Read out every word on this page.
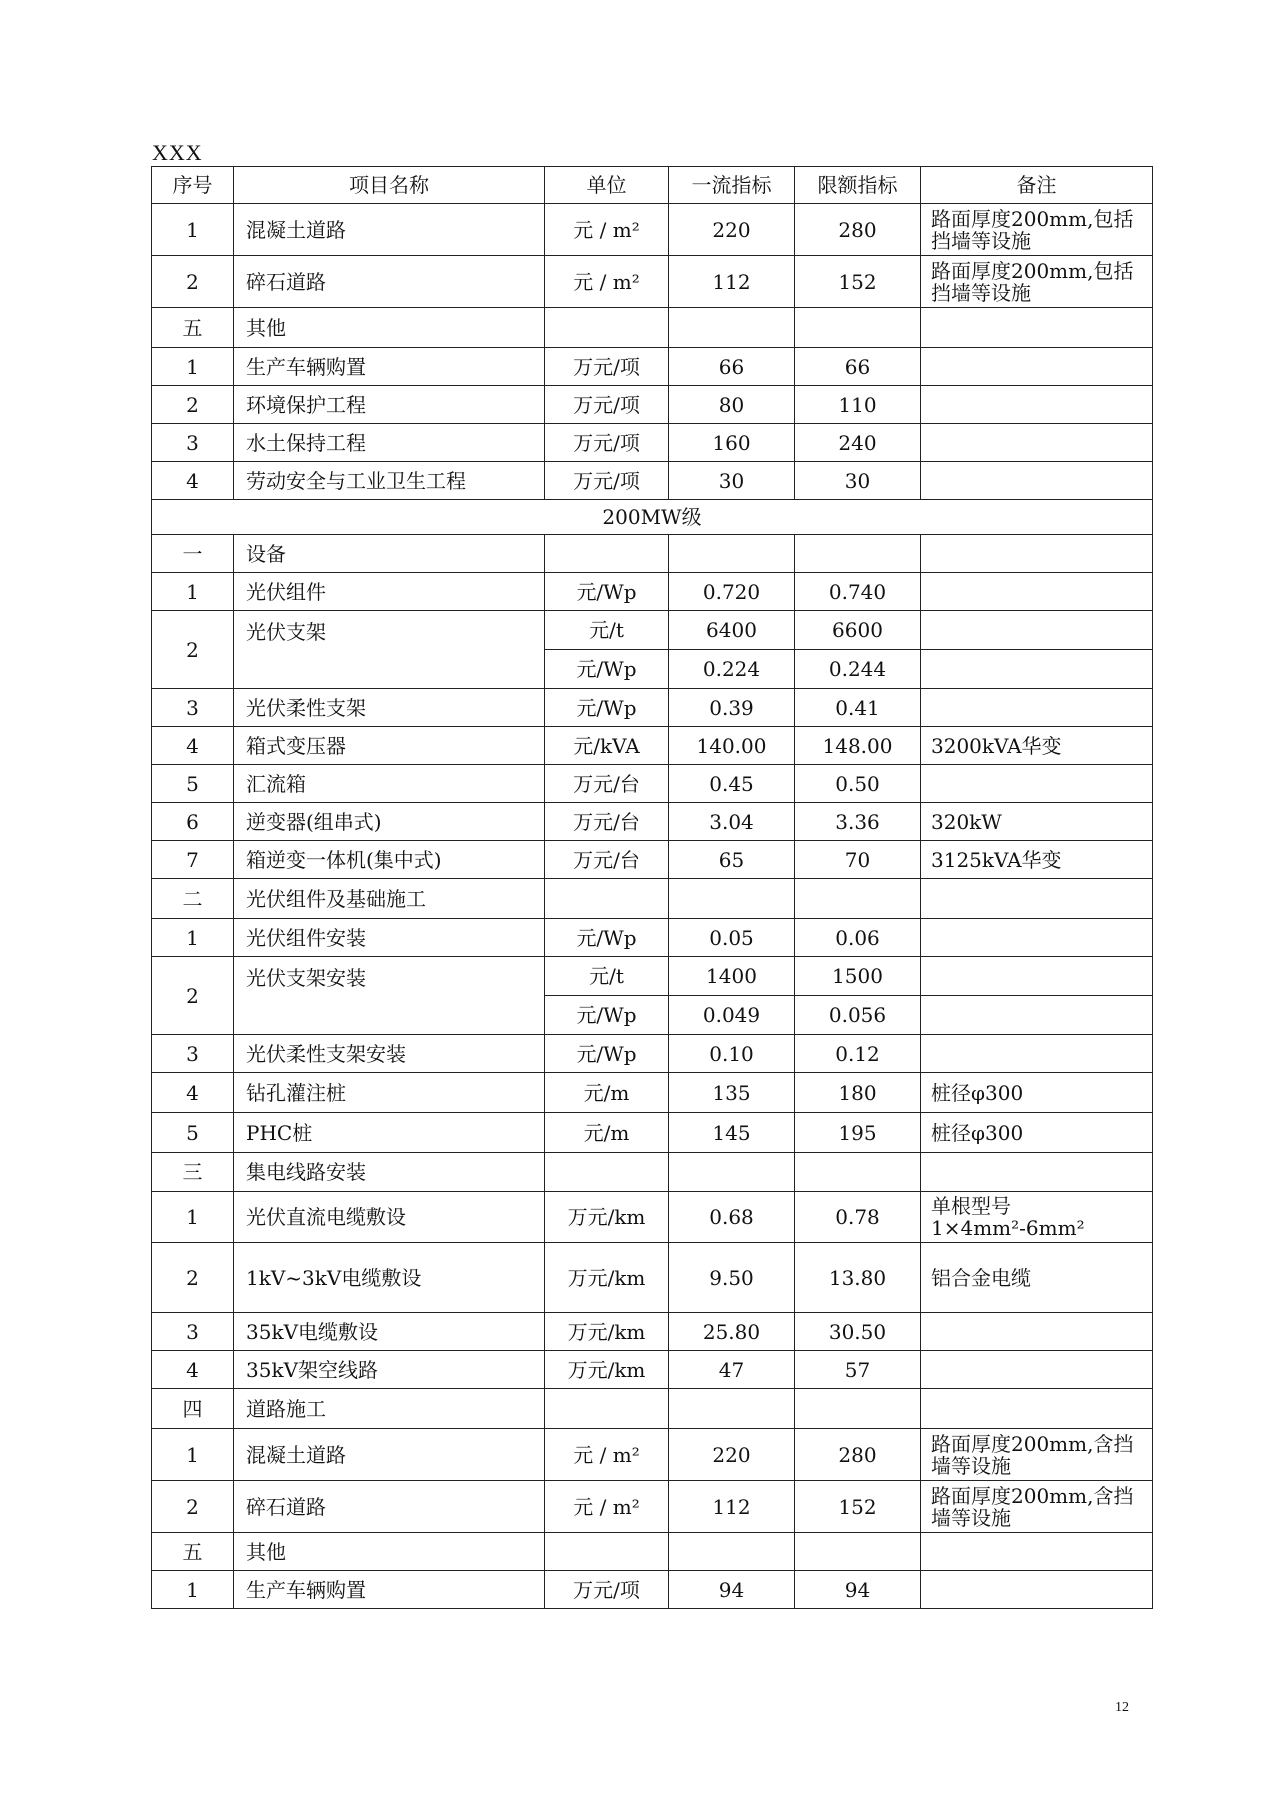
XXX
序号	项目名称	单位	一流指标	限额指标	备注
1	混凝土道路	元 / m²	220	280	路面厚度200mm,包括挡墙等设施
2	碎石道路	元 / m²	112	152	路面厚度200mm,包括挡墙等设施
五	其他				
1	生产车辆购置	万元/项	66	66	
2	环境保护工程	万元/项	80	110	
3	水土保持工程	万元/项	160	240	
4	劳动安全与工业卫生工程	万元/项	30	30	
200MW级					
一	设备				
1	光伏组件	元/Wp	0.720	0.740	
2	光伏支架	元/t	6400	6600	
		元/Wp	0.224	0.244	
3	光伏柔性支架	元/Wp	0.39	0.41	
4	箱式变压器	元/kVA	140.00	148.00	3200kVA华变
5	汇流箱	万元/台	0.45	0.50	
6	逆变器(组串式)	万元/台	3.04	3.36	320kW
7	箱逆变一体机(集中式)	万元/台	65	70	3125kVA华变
二	光伏组件及基础施工				
1	光伏组件安装	元/Wp	0.05	0.06	
2	光伏支架安装	元/t	1400	1500	
		元/Wp	0.049	0.056	
3	光伏柔性支架安装	元/Wp	0.10	0.12	
4	钻孔灌注桩	元/m	135	180	桩径φ300
5	PHC桩	元/m	145	195	桩径φ300
三	集电线路安装				
1	光伏直流电缆敷设	万元/km	0.68	0.78	单根型号1×4mm²-6mm²
2	1kV~3kV电缆敷设	万元/km	9.50	13.80	铝合金电缆
3	35kV电缆敷设	万元/km	25.80	30.50	
4	35kV架空线路	万元/km	47	57	
四	道路施工				
1	混凝土道路	元 / m²	220	280	路面厚度200mm,含挡墙等设施
2	碎石道路	元 / m²	112	152	路面厚度200mm,含挡墙等设施
五	其他				
1	生产车辆购置	万元/项	94	94	
12
